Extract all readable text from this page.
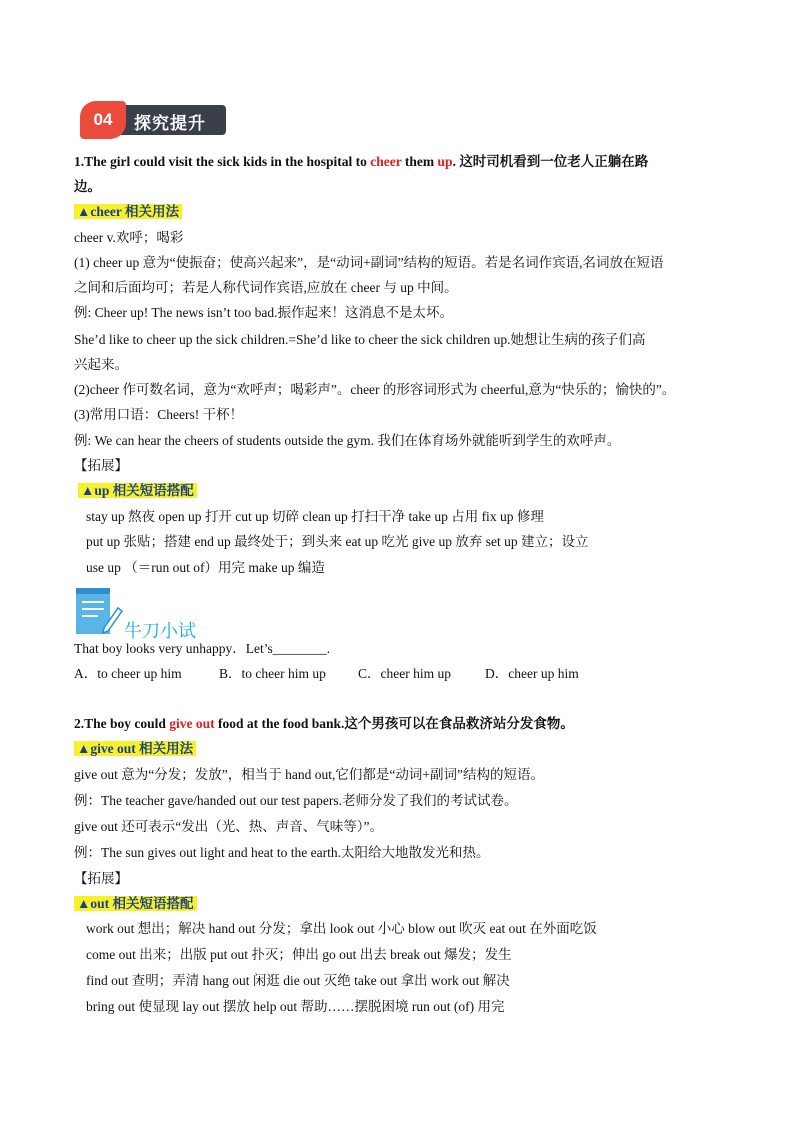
04	探究提升
1.The girl could visit the sick kids in the hospital to cheer them up. 这时司机看到一位老人正躺在路
边。
▲cheer 相关用法
cheer v.欢呼；喝彩
(1) cheer up 意为“使振奋；使高兴起来”，是“动词+副词”结构的短语。若是名词作宾语,名词放在短语
之间和后面均可；若是人称代词作宾语,应放在 cheer 与 up 中间。
例: Cheer up! The news isn’t too bad.振作起来！这消息不是太坏。
She’d like to cheer up the sick children.=She’d like to cheer the sick children up.她想让生病的孩子们高
兴起来。
(2)cheer 作可数名词，意为“欢呼声；喝彩声”。cheer 的形容词形式为 cheerful,意为“快乐的；愉快的”。
(3)常用口语：Cheers! 干杯！
例: We can hear the cheers of students outside the gym. 我们在体育场外就能听到学生的欢呼声。
【拓展】
▲up 相关短语搭配
stay up 熬夜 open up 打开 cut up 切碎 clean up 打扫干净 take up 占用 fix up 修理
put up 张贴；搭建 end up 最终处于；到头来 eat up 吃光 give up 放弃 set up 建立；设立
use up （＝run out of）用完 make up 编造
牛刀小试
That boy looks very unhappy．Let’s________.
A．to cheer up him	B．to cheer him up C．cheer him up	D．cheer up him
2.The boy could give out food at the food bank.这个男孩可以在食品救济站分发食物。
▲give out 相关用法
give out 意为“分发；发放”，相当于 hand out,它们都是“动词+副词”结构的短语。
例：The teacher gave/handed out our test papers.老师分发了我们的考试试卷。
give out 还可表示“发出（光、热、声音、气味等）”。
例：The sun gives out light and heat to the earth.太阳给大地散发光和热。
【拓展】
▲out 相关短语搭配
work out 想出；解决 hand out 分发；拿出 look out 小心 blow out 吹灭 eat out 在外面吃饭
come out 出来；出版 put out 扑灭；伸出 go out 出去 break out 爆发；发生
find out 查明；弄清 hang out 闲逛 die out 灭绝 take out 拿出 work out 解决
bring out 使显现 lay out 摆放 help out 帮助……摆脱困境 run out (of) 用完
